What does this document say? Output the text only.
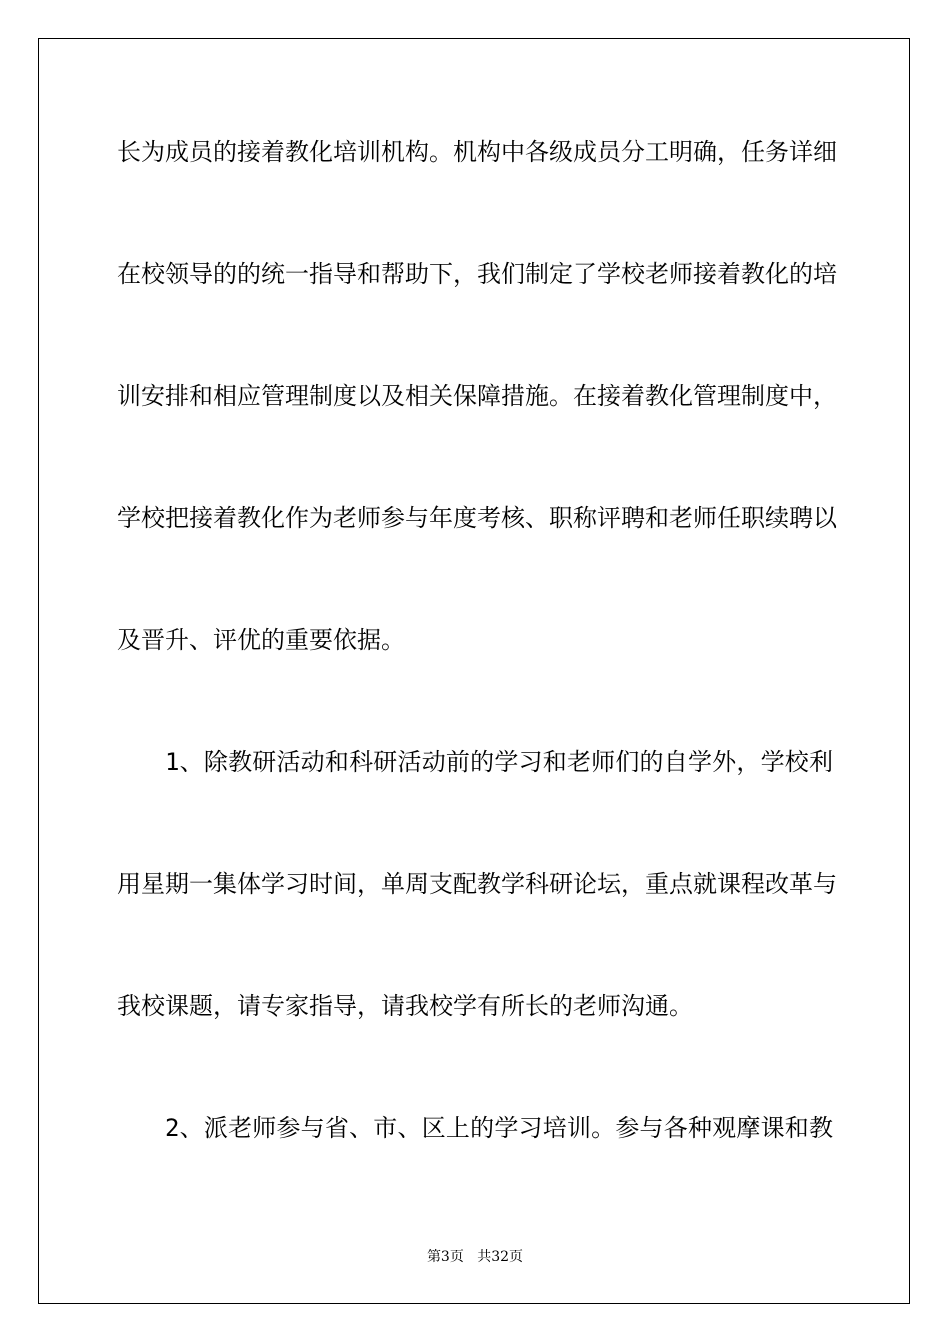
长为成员的接着教化培训机构。机构中各级成员分工明确，任务详细
在校领导的的统一指导和帮助下，我们制定了学校老师接着教化的培
训安排和相应管理制度以及相关保障措施。在接着教化管理制度中，
学校把接着教化作为老师参与年度考核、职称评聘和老师任职续聘以
及晋升、评优的重要依据。
1、除教研活动和科研活动前的学习和老师们的自学外，学校利
用星期一集体学习时间，单周支配教学科研论坛，重点就课程改革与
我校课题，请专家指导，请我校学有所长的老师沟通。
2、派老师参与省、市、区上的学习培训。参与各种观摩课和教
第3页 共32页
